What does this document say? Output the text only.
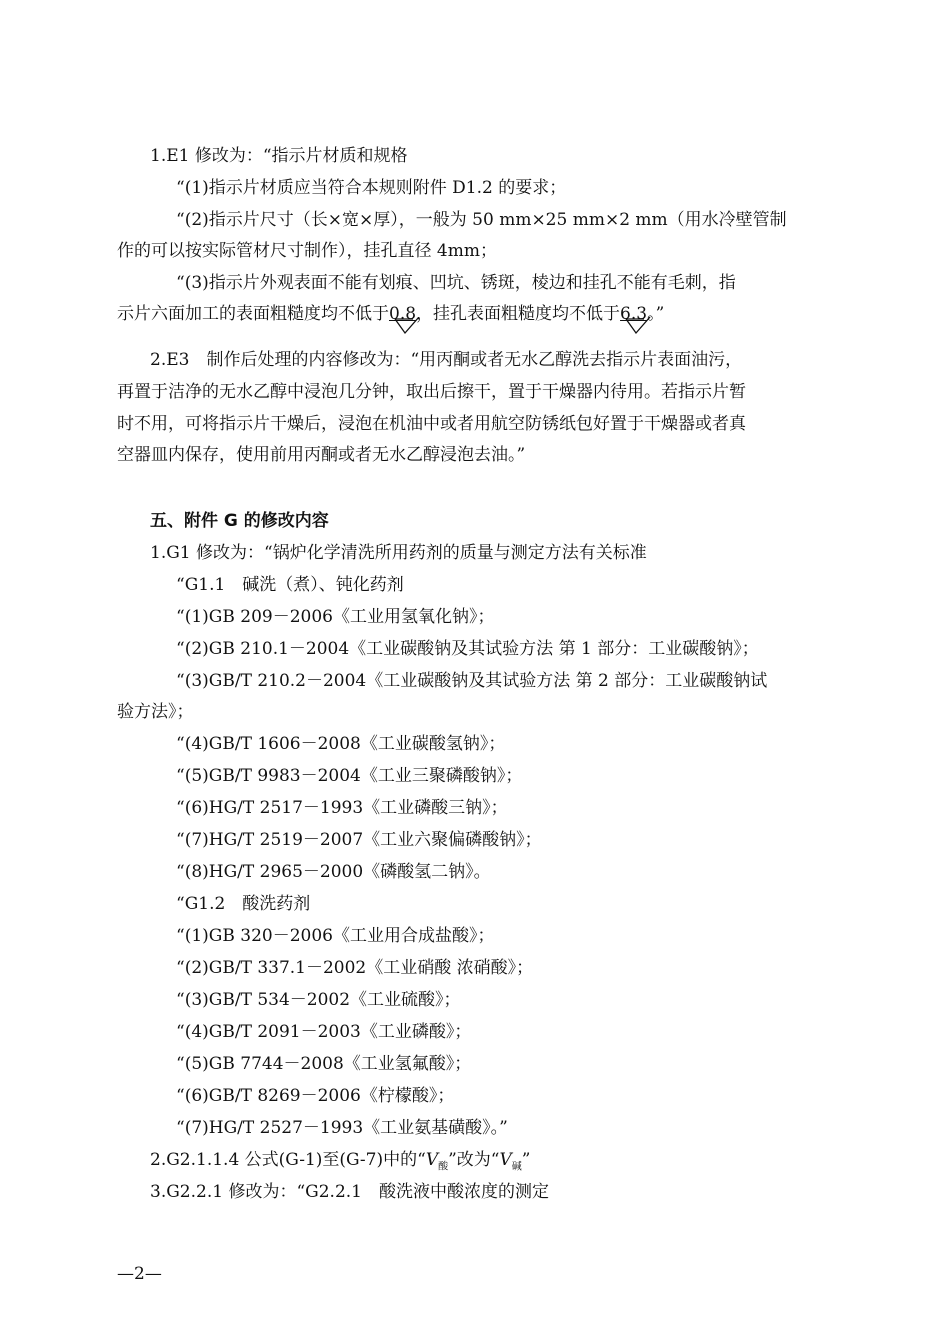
1.E1 修改为：“指示片材质和规格
“(1)指示片材质应当符合本规则附件 D1.2 的要求；
“(2)指示片尺寸（长×宽×厚），一般为 50 mm×25 mm×2 mm（用水冷壁管制
作的可以按实际管材尺寸制作），挂孔直径 4mm；
“(3)指示片外观表面不能有划痕、凹坑、锈斑，棱边和挂孔不能有毛刺，指
示片六面加工的表面粗糙度均不低于0.8
，挂孔表面粗糙度均不低于6.3
。”
2.E3　制作后处理的内容修改为：“用丙酮或者无水乙醇洗去指示片表面油污，
再置于洁净的无水乙醇中浸泡几分钟，取出后擦干，置于干燥器内待用。若指示片暂
时不用，可将指示片干燥后，浸泡在机油中或者用航空防锈纸包好置于干燥器或者真
空器皿内保存，使用前用丙酮或者无水乙醇浸泡去油。”
五、附件 G 的修改内容
1.G1 修改为：“锅炉化学清洗所用药剂的质量与测定方法有关标准
“G1.1　碱洗（煮）、钝化药剂
“(1)GB 209－2006《工业用氢氧化钠》；
“(2)GB 210.1－2004《工业碳酸钠及其试验方法 第 1 部分：工业碳酸钠》；
“(3)GB/T 210.2－2004《工业碳酸钠及其试验方法 第 2 部分：工业碳酸钠试
验方法》；
“(4)GB/T 1606－2008《工业碳酸氢钠》；
“(5)GB/T 9983－2004《工业三聚磷酸钠》；
“(6)HG/T 2517－1993《工业磷酸三钠》；
“(7)HG/T 2519－2007《工业六聚偏磷酸钠》；
“(8)HG/T 2965－2000《磷酸氢二钠》。
“G1.2　酸洗药剂
“(1)GB 320－2006《工业用合成盐酸》；
“(2)GB/T 337.1－2002《工业硝酸 浓硝酸》；
“(3)GB/T 534－2002《工业硫酸》；
“(4)GB/T 2091－2003《工业磷酸》；
“(5)GB 7744－2008《工业氢氟酸》；
“(6)GB/T 8269－2006《柠檬酸》；
“(7)HG/T 2527－1993《工业氨基磺酸》。”
2.G2.1.1.4 公式(G-1)至(G-7)中的“$V_酸$”改为“$V_碱$”
3.G2.2.1 修改为：“G2.2.1　酸洗液中酸浓度的测定
—2—
